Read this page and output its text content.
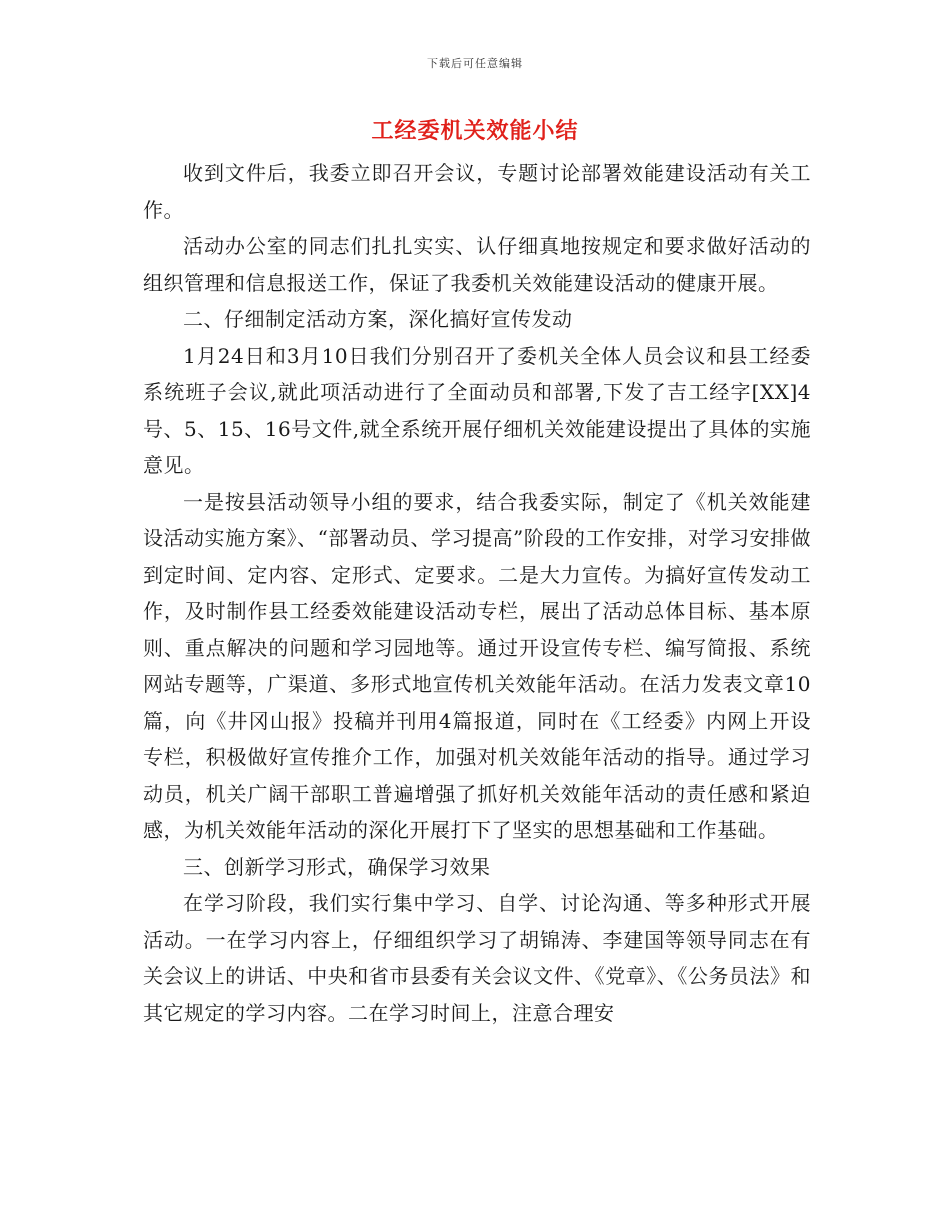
下载后可任意编辑
工经委机关效能小结

收到文件后，我委立即召开会议，专题讨论部署效能建设活动有关工作。

活动办公室的同志们扎扎实实、认仔细真地按规定和要求做好活动的组织管理和信息报送工作，保证了我委机关效能建设活动的健康开展。

二、仔细制定活动方案，深化搞好宣传发动

1月24日和3月10日我们分别召开了委机关全体人员会议和县工经委系统班子会议,就此项活动进行了全面动员和部署,下发了吉工经字[XX]4号、5、15、16号文件,就全系统开展仔细机关效能建设提出了具体的实施意见。

一是按县活动领导小组的要求，结合我委实际，制定了《机关效能建设活动实施方案》、“部署动员、学习提高”阶段的工作安排，对学习安排做到定时间、定内容、定形式、定要求。二是大力宣传。为搞好宣传发动工作，及时制作县工经委效能建设活动专栏，展出了活动总体目标、基本原则、重点解决的问题和学习园地等。通过开设宣传专栏、编写简报、系统网站专题等，广渠道、多形式地宣传机关效能年活动。在活力发表文章10篇，向《井冈山报》投稿并刊用4篇报道，同时在《工经委》内网上开设专栏，积极做好宣传推介工作，加强对机关效能年活动的指导。通过学习动员，机关广阔干部职工普遍增强了抓好机关效能年活动的责任感和紧迫感，为机关效能年活动的深化开展打下了坚实的思想基础和工作基础。

三、创新学习形式，确保学习效果

在学习阶段，我们实行集中学习、自学、讨论沟通、等多种形式开展活动。一在学习内容上，仔细组织学习了胡锦涛、李建国等领导同志在有关会议上的讲话、中央和省市县委有关会议文件、《党章》、《公务员法》和其它规定的学习内容。二在学习时间上，注意合理安
